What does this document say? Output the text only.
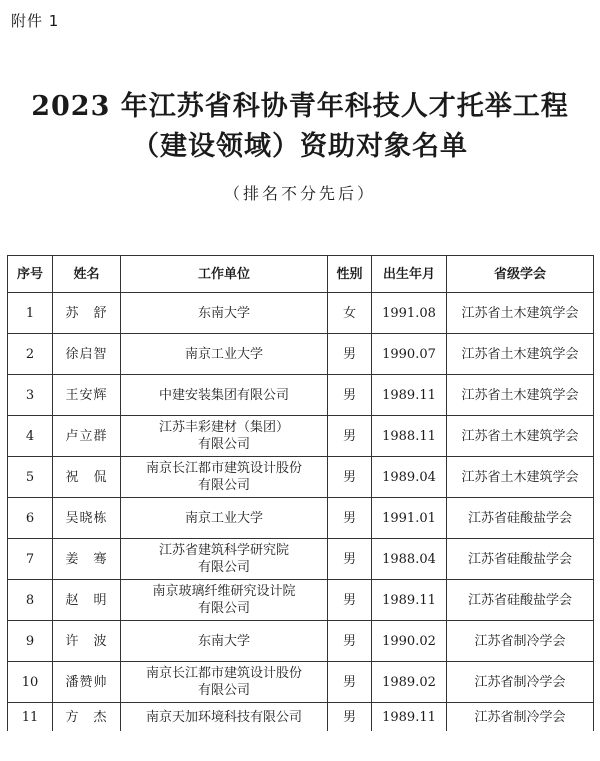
附件 1
2023 年江苏省科协青年科技人才托举工程
（建设领域）资助对象名单
（排名不分先后）
序号	姓名	工作单位	性别	出生年月	省级学会
1	苏　舒	东南大学	女	1991.08	江苏省土木建筑学会
2	徐启智	南京工业大学	男	1990.07	江苏省土木建筑学会
3	王安辉	中建安装集团有限公司	男	1989.11	江苏省土木建筑学会
4	卢立群	江苏丰彩建材（集团）
有限公司	男	1988.11	江苏省土木建筑学会
5	祝　侃	南京长江都市建筑设计股份
有限公司	男	1989.04	江苏省土木建筑学会
6	吴晓栋	南京工业大学	男	1991.01	江苏省硅酸盐学会
7	姜　骞	江苏省建筑科学研究院
有限公司	男	1988.04	江苏省硅酸盐学会
8	赵　明	南京玻璃纤维研究设计院
有限公司	男	1989.11	江苏省硅酸盐学会
9	许　波	东南大学	男	1990.02	江苏省制冷学会
10	潘赞帅	南京长江都市建筑设计股份
有限公司	男	1989.02	江苏省制冷学会
11	方　杰	南京天加环境科技有限公司	男	1989.11	江苏省制冷学会
